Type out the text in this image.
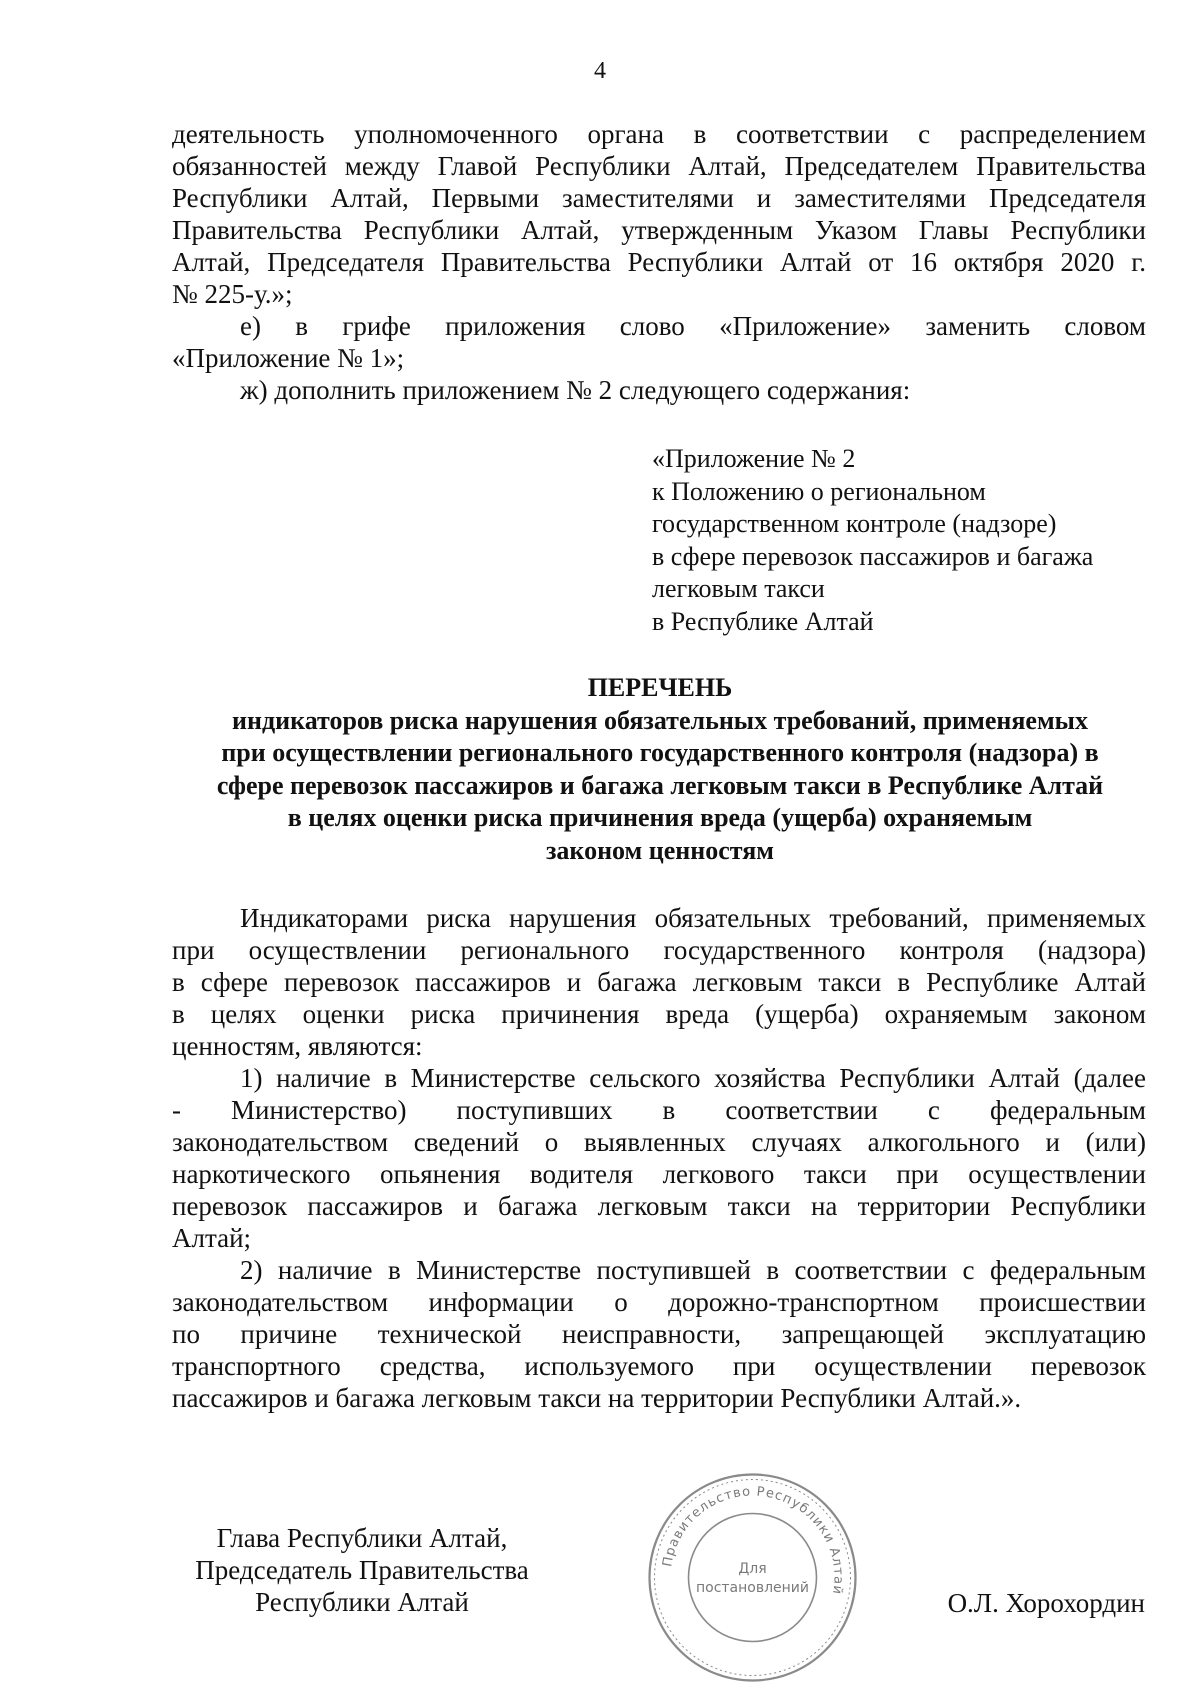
4
деятельность уполномоченного органа в соответствии с распределением
обязанностей между Главой Республики Алтай, Председателем Правительства
Республики Алтай, Первыми заместителями и заместителями Председателя
Правительства Республики Алтай, утвержденным Указом Главы Республики
Алтай, Председателя Правительства Республики Алтай от 16 октября 2020 г.
№ 225-у.»;
е) в грифе приложения слово «Приложение» заменить словом
«Приложение № 1»;
ж) дополнить приложением № 2 следующего содержания:
«Приложение № 2
к Положению о региональном
государственном контроле (надзоре)
в сфере перевозок пассажиров и багажа
легковым такси
в Республике Алтай
ПЕРЕЧЕНЬ
индикаторов риска нарушения обязательных требований, применяемых
при осуществлении регионального государственного контроля (надзора) в
сфере перевозок пассажиров и багажа легковым такси в Республике Алтай
в целях оценки риска причинения вреда (ущерба) охраняемым
законом ценностям
Индикаторами риска нарушения обязательных требований, применяемых
при осуществлении регионального государственного контроля (надзора)
в сфере перевозок пассажиров и багажа легковым такси в Республике Алтай
в целях оценки риска причинения вреда (ущерба) охраняемым законом
ценностям, являются:
1) наличие в Министерстве сельского хозяйства Республики Алтай (далее
- Министерство) поступивших в соответствии с федеральным
законодательством сведений о выявленных случаях алкогольного и (или)
наркотического опьянения водителя легкового такси при осуществлении
перевозок пассажиров и багажа легковым такси на территории Республики
Алтай;
2) наличие в Министерстве поступившей в соответствии с федеральным
законодательством информации о дорожно-транспортном происшествии
по причине технической неисправности, запрещающей эксплуатацию
транспортного средства, используемого при осуществлении перевозок
пассажиров и багажа легковым такси на территории Республики Алтай.».
Глава Республики Алтай,
Председатель Правительства
Республики Алтай	О.Л. Хорохордин
Правительство Республики Алтай
Для
постановлений
